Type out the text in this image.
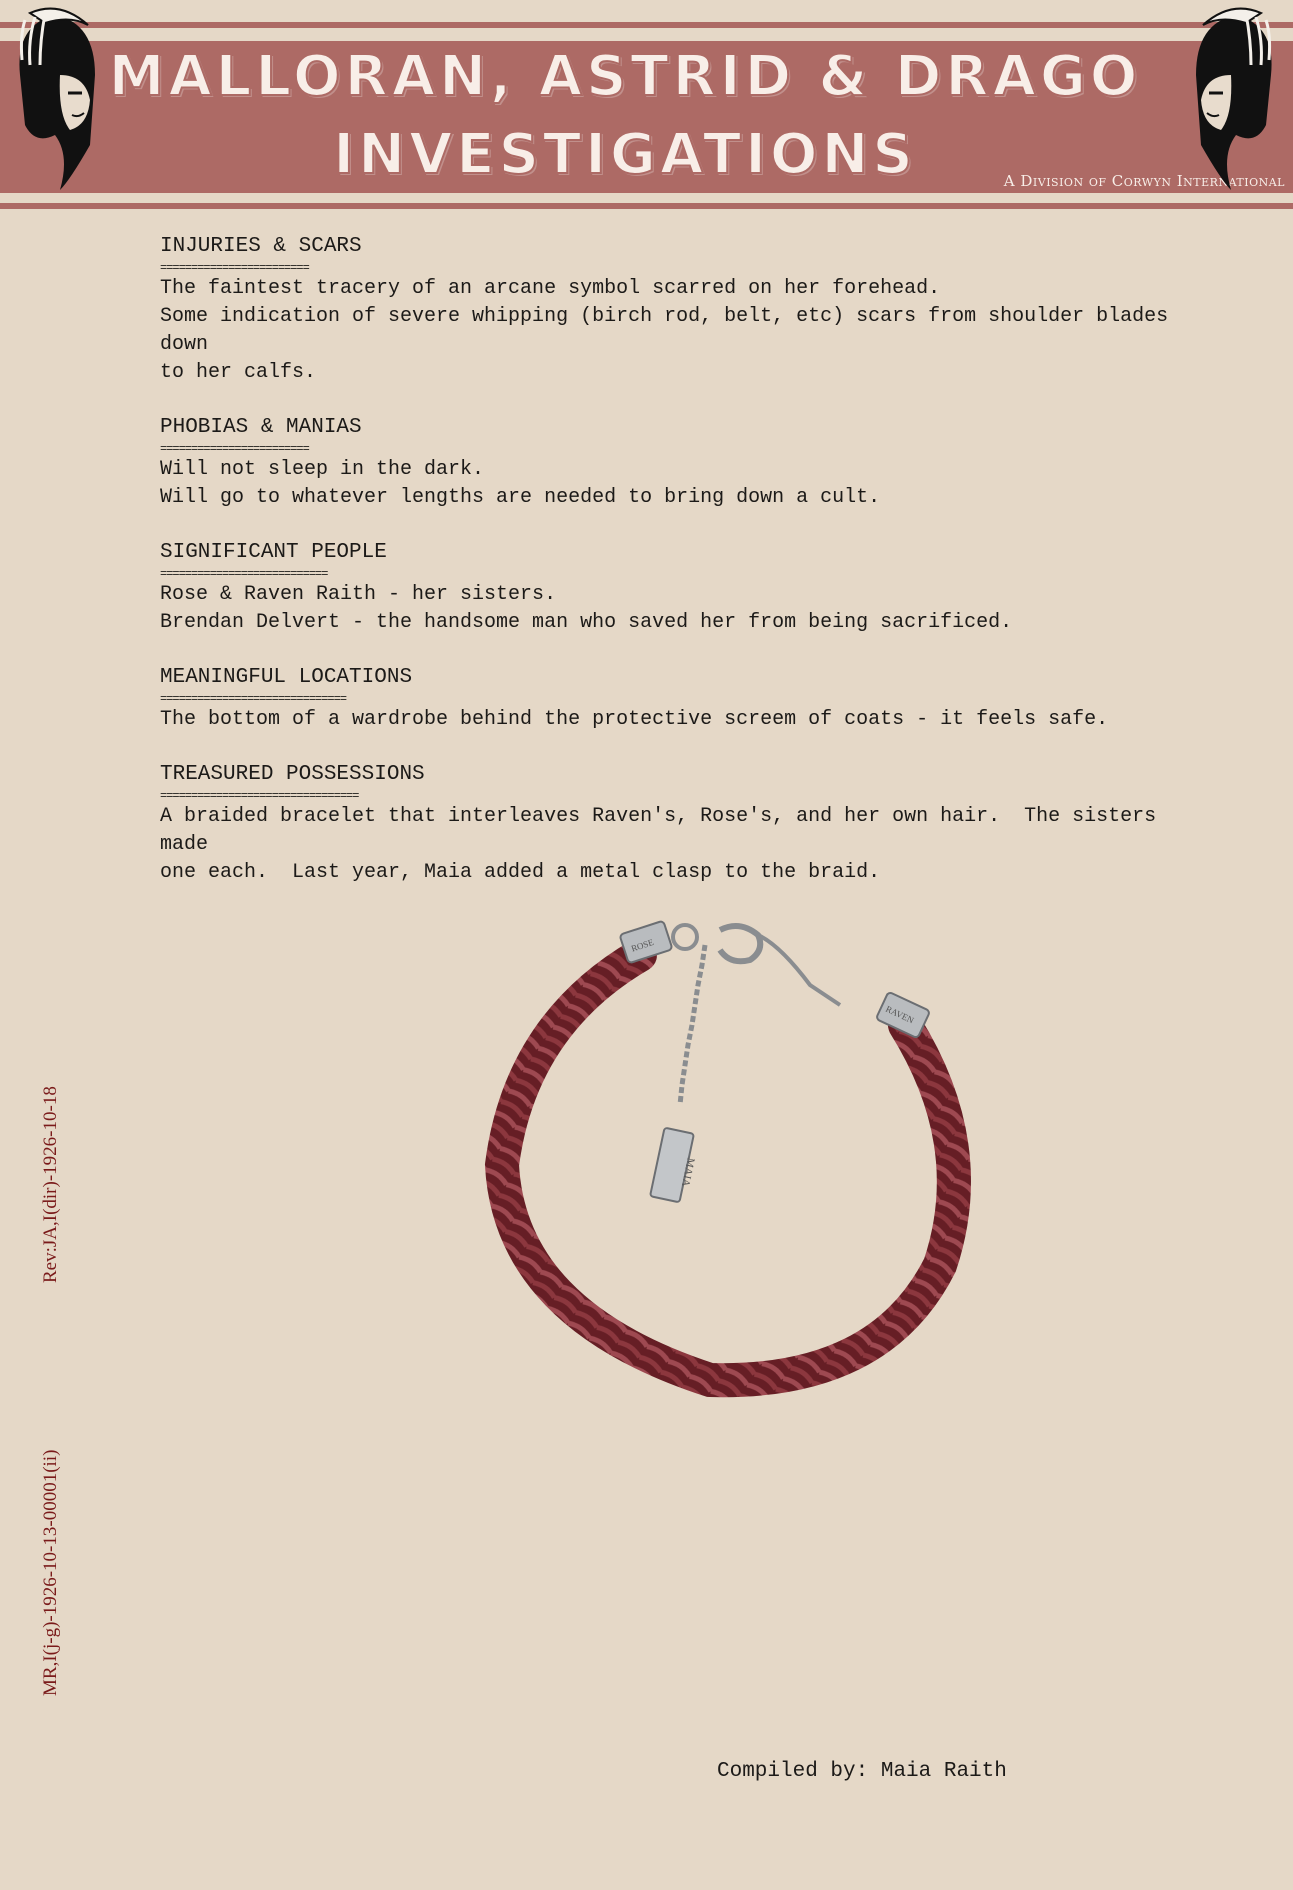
MALLORAN, ASTRID & DRAGO
INVESTIGATIONS	A Division of Corwyn International
INJURIES & SCARS
========================
The faintest tracery of an arcane symbol scarred on her forehead.
Some indication of severe whipping (birch rod, belt, etc) scars from shoulder blades down
to her calfs.
PHOBIAS & MANIAS
========================
Will not sleep in the dark.
Will go to whatever lengths are needed to bring down a cult.
SIGNIFICANT PEOPLE
===========================
Rose & Raven Raith - her sisters.
Brendan Delvert - the handsome man who saved her from being sacrificed.
MEANINGFUL LOCATIONS
==============================
The bottom of a wardrobe behind the protective screem of coats - it feels safe.
TREASURED POSSESSIONS
================================
A braided bracelet that interleaves Raven's, Rose's, and her own hair.  The sisters made
one each.  Last year, Maia added a metal clasp to the braid.
ROSE
RAVEN
MAIA
Rev:JA,I(dir)-1926-10-18
MR,I(j-g)-1926-10-13-00001(ii)
Compiled by: Maia Raith
